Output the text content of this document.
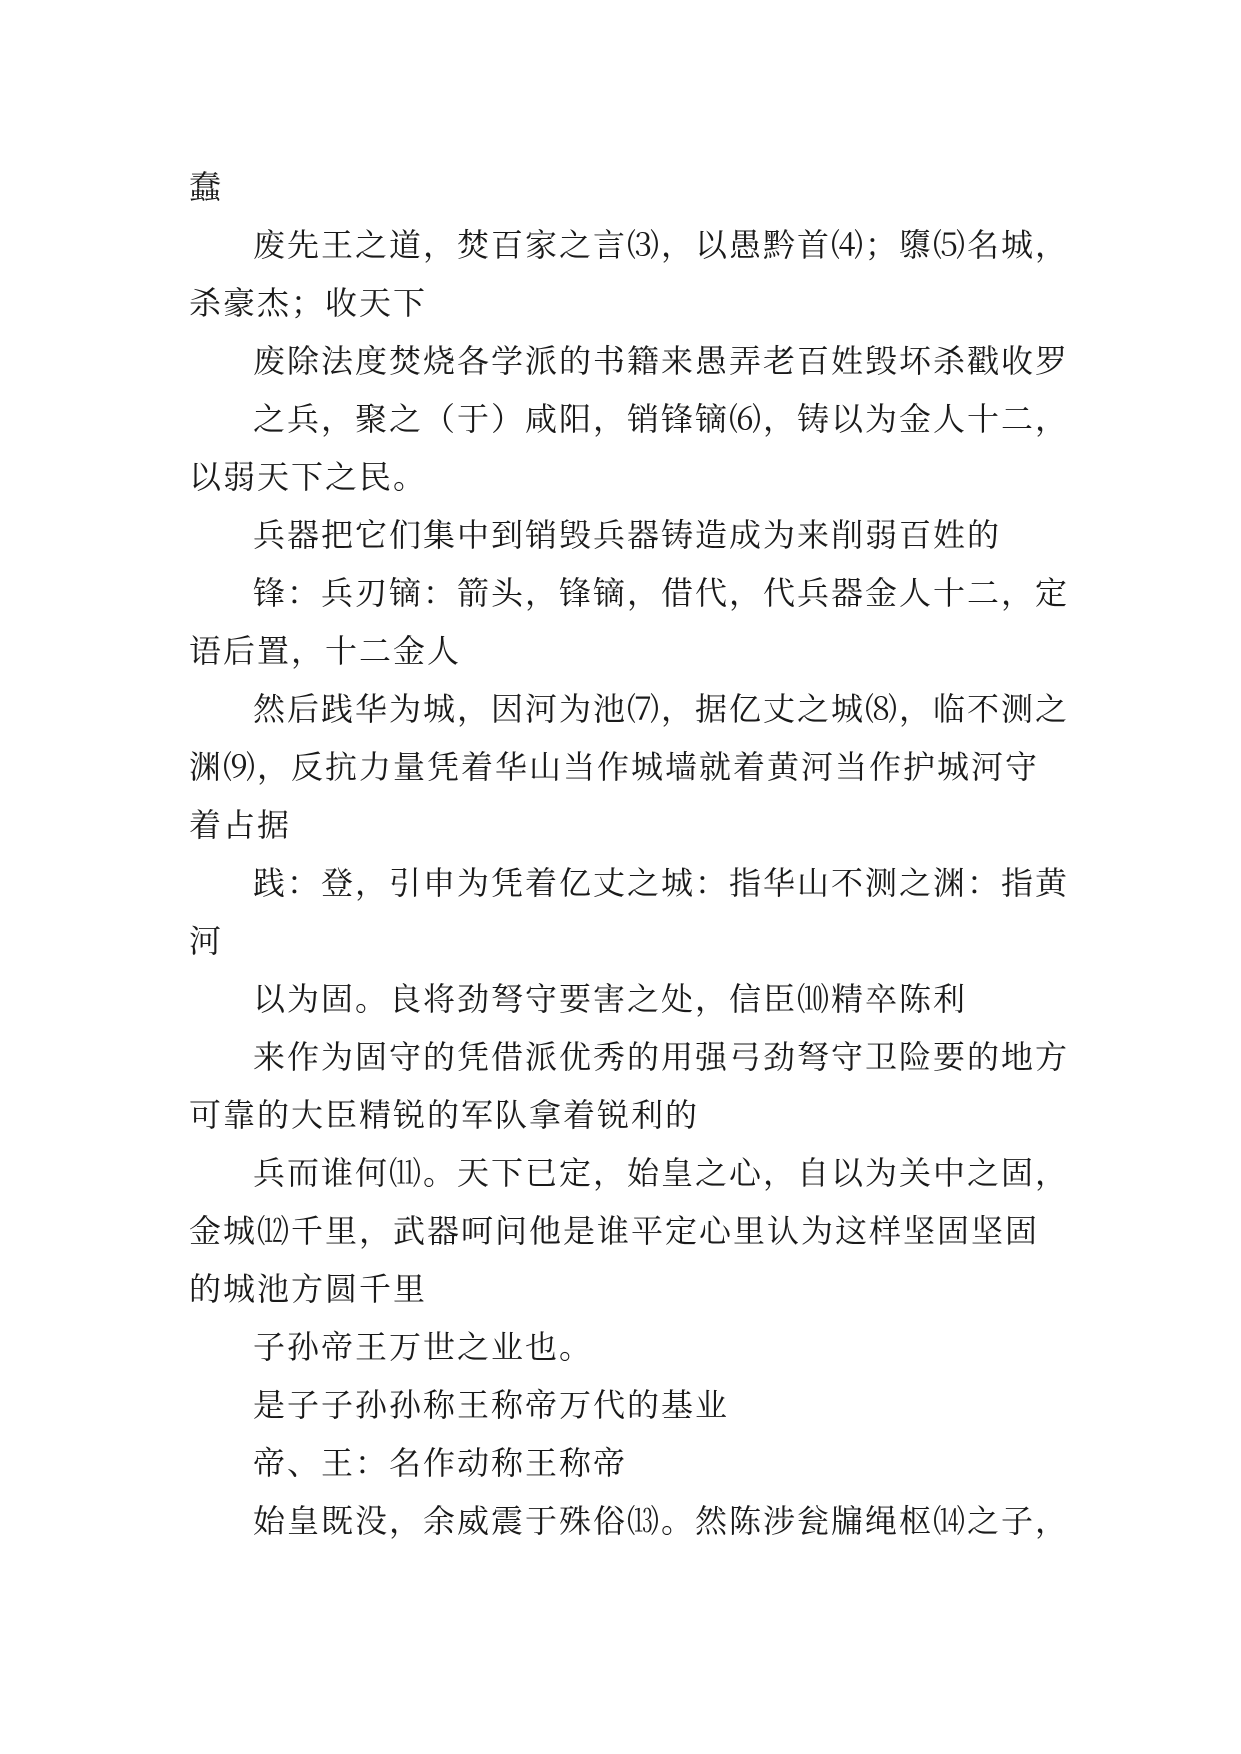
蠢

废先王之道，焚百家之言⑶，以愚黔首⑷；隳⑸名城，杀豪杰；收天下

废除法度焚烧各学派的书籍来愚弄老百姓毁坏杀戳收罗

之兵，聚之（于）咸阳，销锋镝⑹，铸以为金人十二，以弱天下之民。

兵器把它们集中到销毁兵器铸造成为来削弱百姓的

锋：兵刃镝：箭头，锋镝，借代，代兵器金人十二，定语后置，十二金人

然后践华为城，因河为池⑺，据亿丈之城⑻，临不测之渊⑼，反抗力量凭着华山当作城墙就着黄河当作护城河守着占据

践：登，引申为凭着亿丈之城：指华山不测之渊：指黄河

以为固。良将劲弩守要害之处，信臣⑽精卒陈利

来作为固守的凭借派优秀的用强弓劲弩守卫险要的地方可靠的大臣精锐的军队拿着锐利的

兵而谁何⑾。天下已定，始皇之心，自以为关中之固，金城⑿千里，武器呵问他是谁平定心里认为这样坚固坚固的城池方圆千里

子孙帝王万世之业也。

是子子孙孙称王称帝万代的基业

帝、王：名作动称王称帝

始皇既没，余威震于殊俗⒀。然陈涉瓮牖绳枢⒁之子，
